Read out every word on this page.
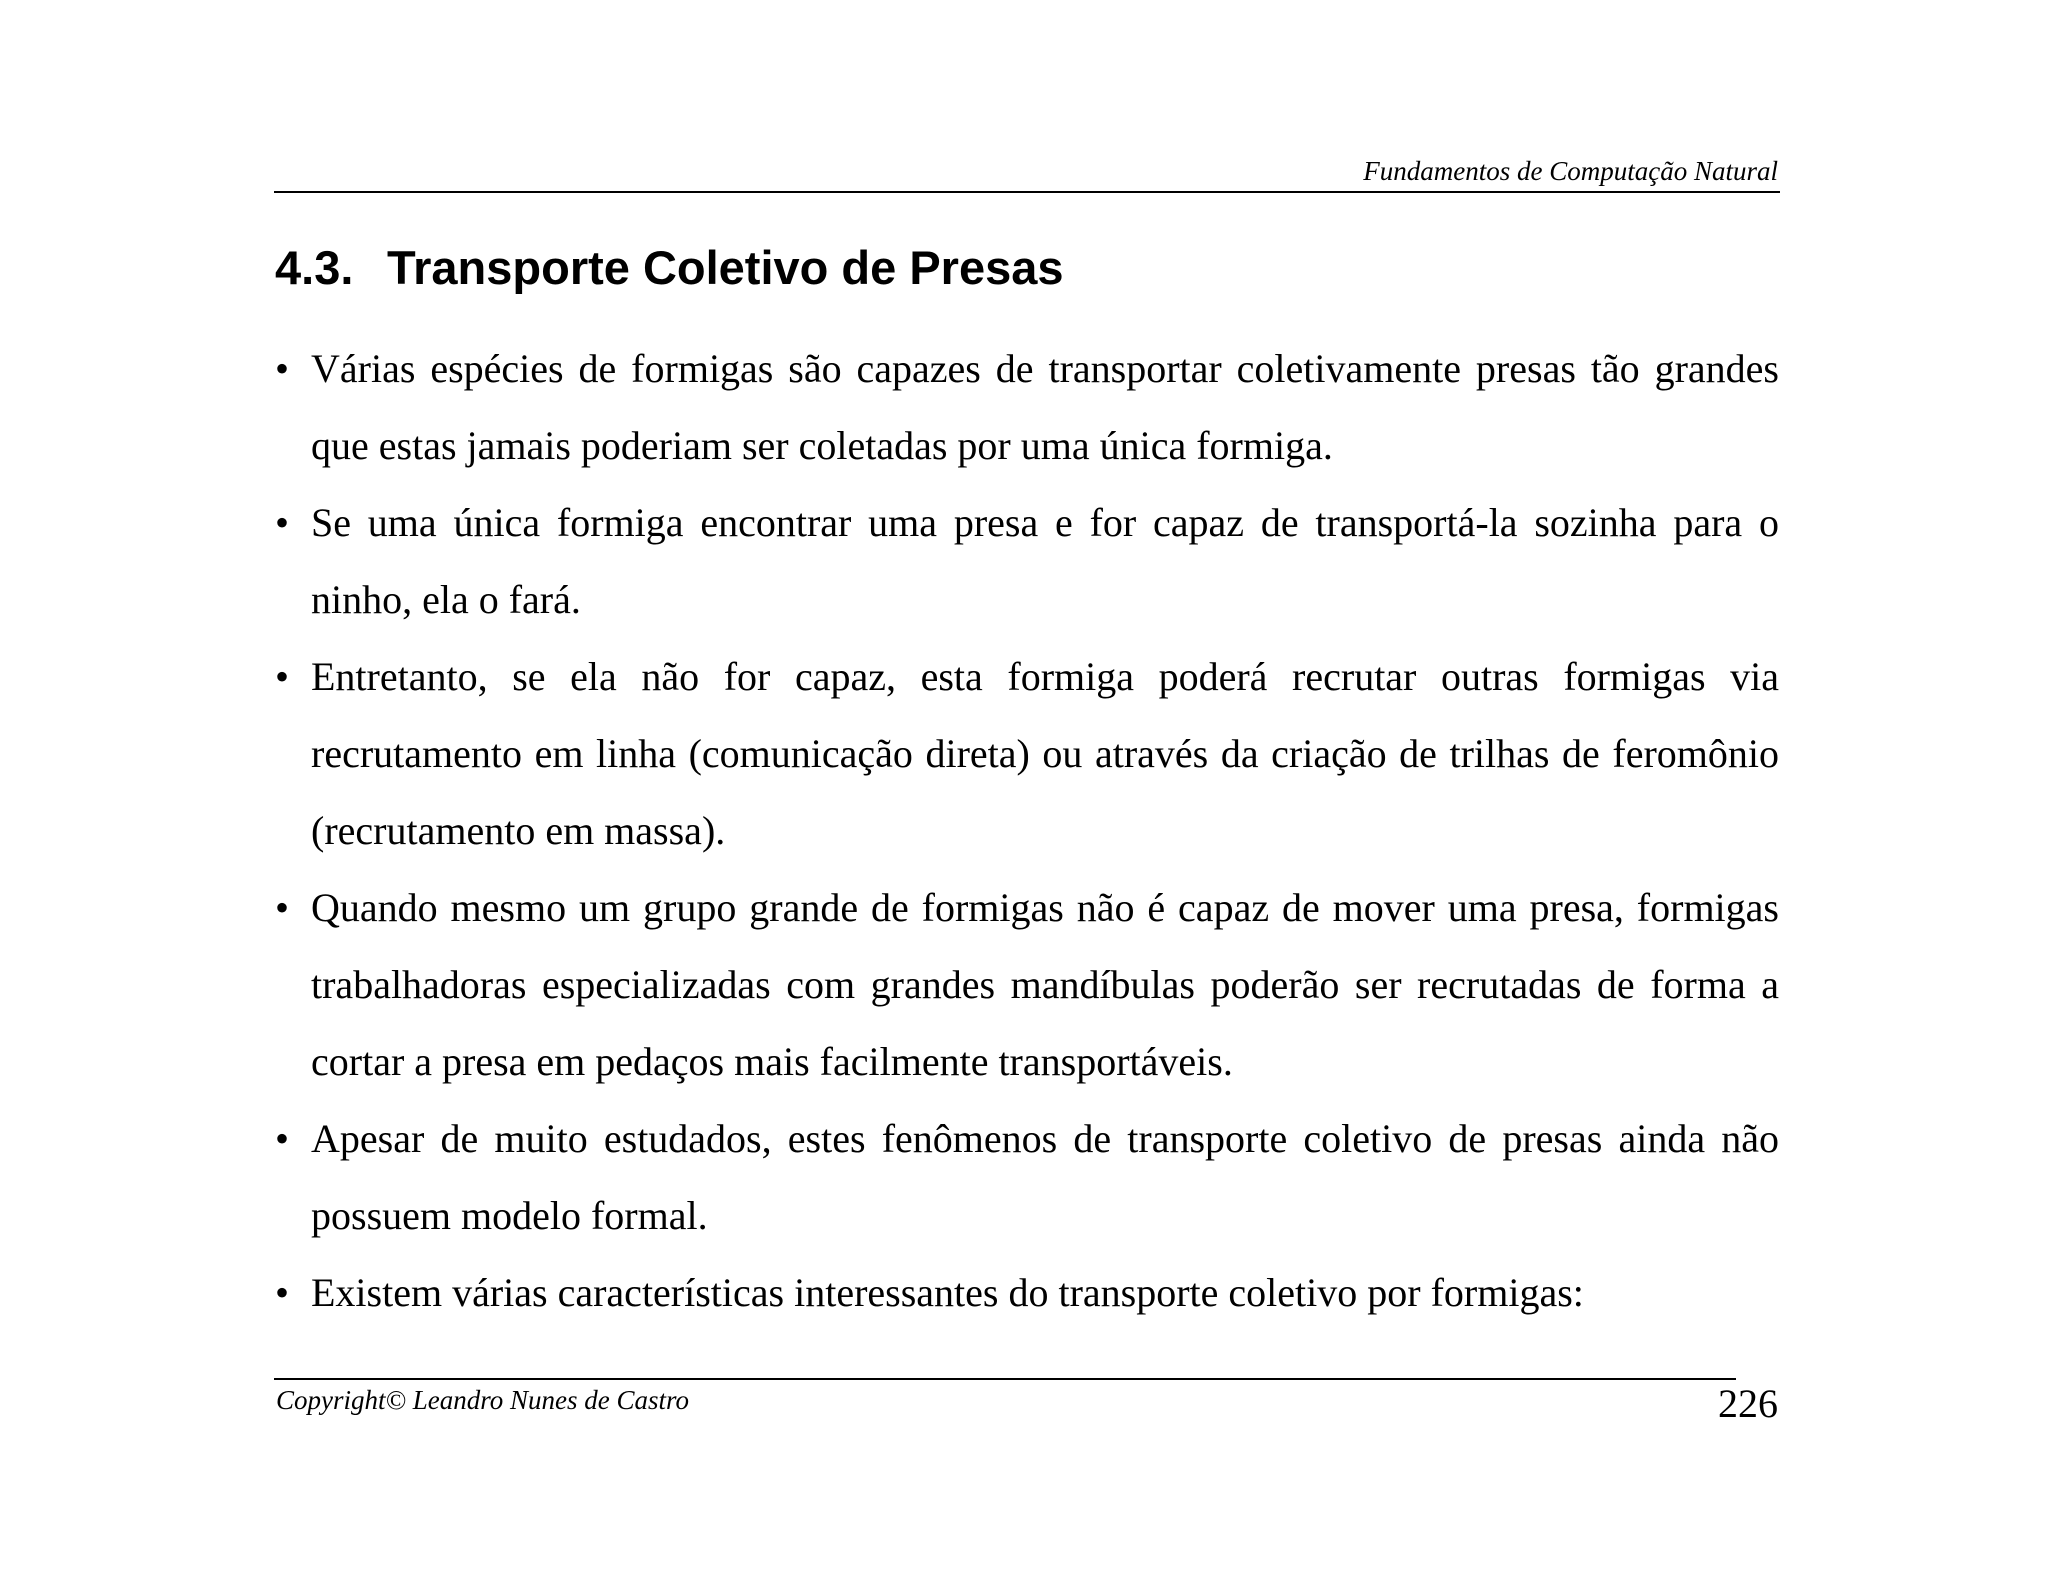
Fundamentos de Computação Natural
4.3. Transporte Coletivo de Presas
• Várias espécies de formigas são capazes de transportar coletivamente presas tão grandes que estas jamais poderiam ser coletadas por uma única formiga.
• Se uma única formiga encontrar uma presa e for capaz de transportá-la sozinha para o ninho, ela o fará.
• Entretanto, se ela não for capaz, esta formiga poderá recrutar outras formigas via recrutamento em linha (comunicação direta) ou através da criação de trilhas de feromônio (recrutamento em massa).
• Quando mesmo um grupo grande de formigas não é capaz de mover uma presa, formigas trabalhadoras especializadas com grandes mandíbulas poderão ser recrutadas de forma a cortar a presa em pedaços mais facilmente transportáveis.
• Apesar de muito estudados, estes fenômenos de transporte coletivo de presas ainda não possuem modelo formal.
• Existem várias características interessantes do transporte coletivo por formigas:
Copyright© Leandro Nunes de Castro	226
